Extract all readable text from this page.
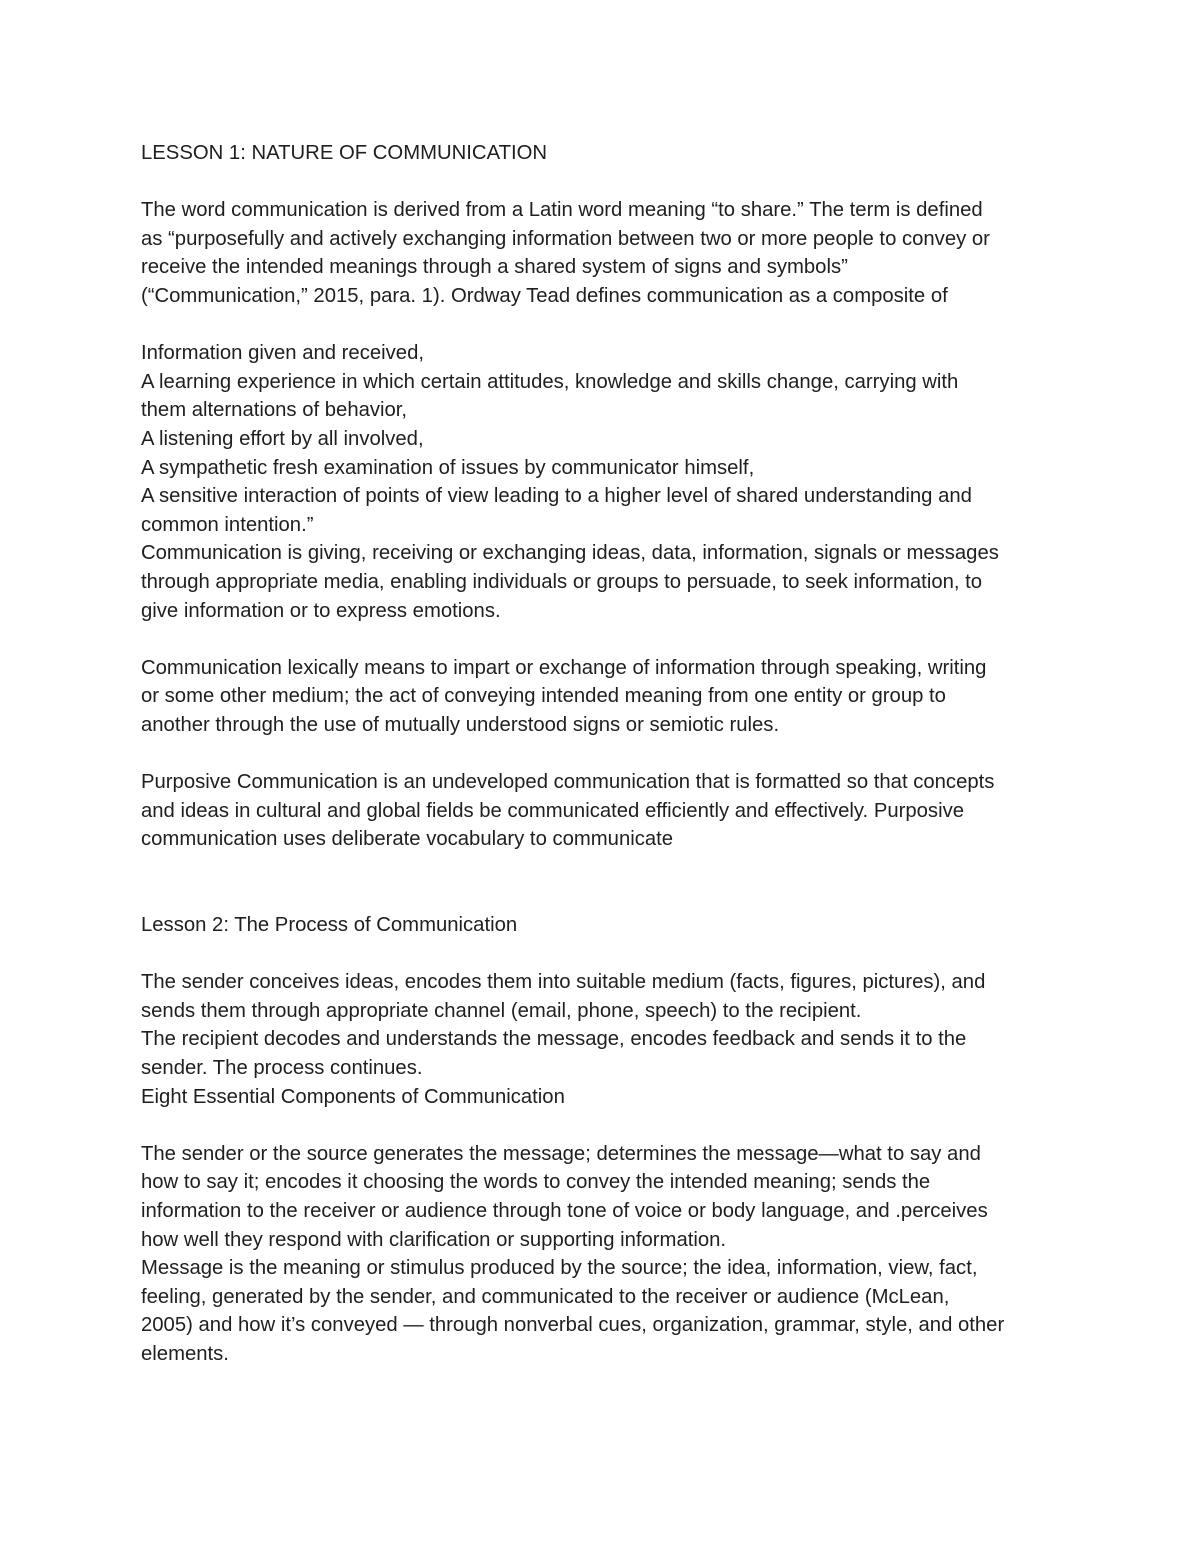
LESSON 1: NATURE OF COMMUNICATION

The word communication is derived from a Latin word meaning “to share.” The term is defined

as “purposefully and actively exchanging information between two or more people to convey or

receive the intended meanings through a shared system of signs and symbols”

(“Communication,” 2015, para. 1). Ordway Tead defines communication as a composite of

Information given and received,

A learning experience in which certain attitudes, knowledge and skills change, carrying with

them alternations of behavior,

A listening effort by all involved,

A sympathetic fresh examination of issues by communicator himself,

A sensitive interaction of points of view leading to a higher level of shared understanding and

common intention.”

Communication is giving, receiving or exchanging ideas, data, information, signals or messages

through appropriate media, enabling individuals or groups to persuade, to seek information, to

give information or to express emotions.

Communication lexically means to impart or exchange of information through speaking, writing

or some other medium; the act of conveying intended meaning from one entity or group to

another through the use of mutually understood signs or semiotic rules.

Purposive Communication is an undeveloped communication that is formatted so that concepts

and ideas in cultural and global fields be communicated efficiently and effectively. Purposive

communication uses deliberate vocabulary to communicate

Lesson 2: The Process of Communication

The sender conceives ideas, encodes them into suitable medium (facts, figures, pictures), and

sends them through appropriate channel (email, phone, speech) to the recipient.

The recipient decodes and understands the message, encodes feedback and sends it to the

sender. The process continues.

Eight Essential Components of Communication

The sender or the source generates the message; determines the message—what to say and

how to say it; encodes it choosing the words to convey the intended meaning; sends the

information to the receiver or audience through tone of voice or body language, and .perceives

how well they respond with clarification or supporting information.

Message is the meaning or stimulus produced by the source; the idea, information, view, fact,

feeling, generated by the sender, and communicated to the receiver or audience (McLean,

2005) and how it’s conveyed — through nonverbal cues, organization, grammar, style, and other

elements.
